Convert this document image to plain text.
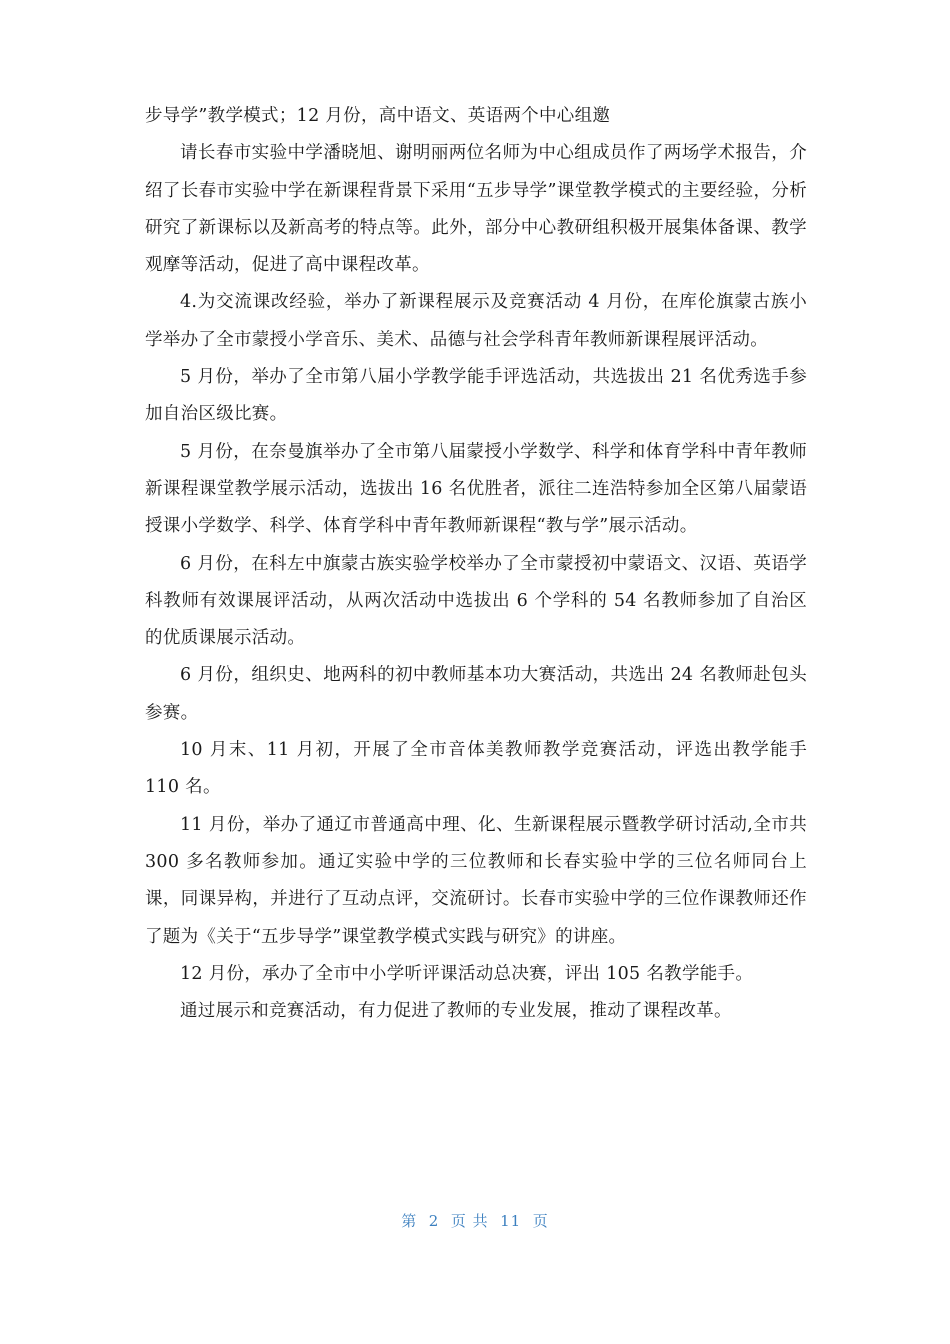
步导学”教学模式；12 月份，高中语文、英语两个中心组邀

请长春市实验中学潘晓旭、谢明丽两位名师为中心组成员作了两场学术报告，介绍了长春市实验中学在新课程背景下采用“五步导学”课堂教学模式的主要经验，分析研究了新课标以及新高考的特点等。此外，部分中心教研组积极开展集体备课、教学观摩等活动，促进了高中课程改革。

4.为交流课改经验，举办了新课程展示及竞赛活动 4 月份，在库伦旗蒙古族小学举办了全市蒙授小学音乐、美术、品德与社会学科青年教师新课程展评活动。

5 月份，举办了全市第八届小学教学能手评选活动，共选拔出 21 名优秀选手参加自治区级比赛。

5 月份，在奈曼旗举办了全市第八届蒙授小学数学、科学和体育学科中青年教师新课程课堂教学展示活动，选拔出 16 名优胜者，派往二连浩特参加全区第八届蒙语授课小学数学、科学、体育学科中青年教师新课程“教与学”展示活动。

6 月份，在科左中旗蒙古族实验学校举办了全市蒙授初中蒙语文、汉语、英语学科教师有效课展评活动，从两次活动中选拔出 6 个学科的 54 名教师参加了自治区的优质课展示活动。

6 月份，组织史、地两科的初中教师基本功大赛活动，共选出 24 名教师赴包头参赛。

10 月末、11 月初，开展了全市音体美教师教学竞赛活动，评选出教学能手 110 名。

11 月份，举办了通辽市普通高中理、化、生新课程展示暨教学研讨活动,全市共 300 多名教师参加。通辽实验中学的三位教师和长春实验中学的三位名师同台上课，同课异构，并进行了互动点评，交流研讨。长春市实验中学的三位作课教师还作了题为《关于“五步导学”课堂教学模式实践与研究》的讲座。

12 月份，承办了全市中小学听评课活动总决赛，评出 105 名教学能手。

通过展示和竞赛活动，有力促进了教师的专业发展，推动了课程改革。

第  2  页 共  11  页
